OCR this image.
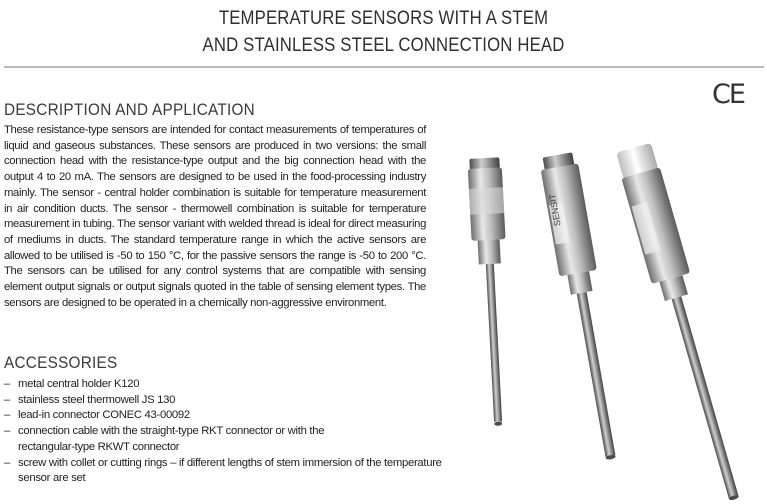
TEMPERATURE SENSORS WITH A STEM
AND STAINLESS STEEL CONNECTION HEAD
CE
DESCRIPTION AND APPLICATION
These resistance-type sensors are intended for contact measurements of temperatures of liquid and gaseous substances. These sensors are produced in two versions: the small connection head with the resistance-type output and the big connection head with the output 4 to 20 mA. The sensors are designed to be used in the food-processing industry mainly. The sensor - central holder combination is suitable for temperature measurement in air condition ducts. The sensor - thermowell combination is suitable for temperature measurement in tubing. The sensor variant with welded thread is ideal for direct measuring of mediums in ducts. The standard temperature range in which the active sensors are allowed to be utilised is -50 to 150 °C, for the passive sensors the range is -50 to 200 °C. The sensors can be utilised for any control systems that are compatible with sensing element output signals or output signals quoted in the table of sensing element types. The sensors are designed to be operated in a chemically non-aggressive environment.
ACCESSORIES
– metal central holder K120
– stainless steel thermowell JS 130
– lead-in connector CONEC 43-00092
– connection cable with the straight-type RKT connector or with the rectangular-type RKWT connector
– screw with collet or cutting rings – if different lengths of stem immersion of the temperature sensor are set
SENSIT
